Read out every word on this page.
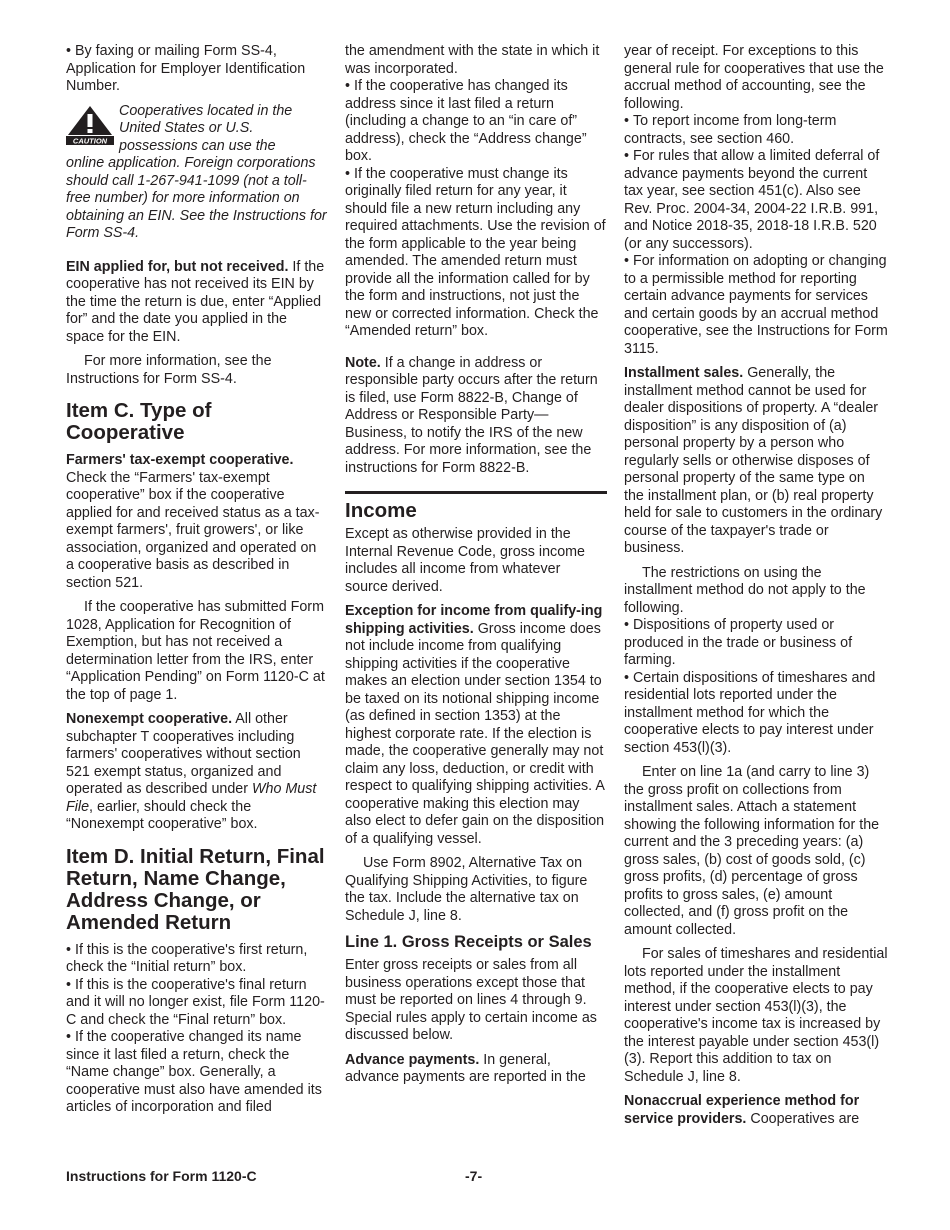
• By faxing or mailing Form SS-4, Application for Employer Identification Number.

CAUTION
Cooperatives located in the United States or U.S. possessions can use the
online application. Foreign corporations should call 1-267-941-1099 (not a toll-free number) for more information on obtaining an EIN. See the Instructions for Form SS-4.

EIN applied for, but not received. If the cooperative has not received its EIN by the time the return is due, enter “Applied for” and the date you applied in the space for the EIN.

For more information, see the Instructions for Form SS-4.

Item C. Type of Cooperative

Farmers' tax-exempt cooperative. Check the “Farmers' tax-exempt cooperative” box if the cooperative applied for and received status as a tax-exempt farmers', fruit growers', or like association, organized and operated on a cooperative basis as described in section 521.

If the cooperative has submitted Form 1028, Application for Recognition of Exemption, but has not received a determination letter from the IRS, enter “Application Pending” on Form 1120-C at the top of page 1.

Nonexempt cooperative. All other subchapter T cooperatives including farmers' cooperatives without section 521 exempt status, organized and operated as described under Who Must File, earlier, should check the “Nonexempt cooperative” box.

Item D. Initial Return, Final Return, Name Change, Address Change, or Amended Return

• If this is the cooperative's first return, check the “Initial return” box.

• If this is the cooperative's final return and it will no longer exist, file Form 1120-C and check the “Final return” box.

• If the cooperative changed its name since it last filed a return, check the “Name change” box. Generally, a cooperative must also have amended its articles of incorporation and filed

the amendment with the state in which it was incorporated.

• If the cooperative has changed its address since it last filed a return (including a change to an “in care of” address), check the “Address change” box.

• If the cooperative must change its originally filed return for any year, it should file a new return including any required attachments. Use the revision of the form applicable to the year being amended. The amended return must provide all the information called for by the form and instructions, not just the new or corrected information. Check the “Amended return” box.

Note. If a change in address or responsible party occurs after the return is filed, use Form 8822-B, Change of Address or Responsible Party—Business, to notify the IRS of the new address. For more information, see the instructions for Form 8822-B.

Income

Except as otherwise provided in the Internal Revenue Code, gross income includes all income from whatever source derived.

Exception for income from qualify-ing shipping activities. Gross income does not include income from qualifying shipping activities if the cooperative makes an election under section 1354 to be taxed on its notional shipping income (as defined in section 1353) at the highest corporate rate. If the election is made, the cooperative generally may not claim any loss, deduction, or credit with respect to qualifying shipping activities. A cooperative making this election may also elect to defer gain on the disposition of a qualifying vessel.

Use Form 8902, Alternative Tax on Qualifying Shipping Activities, to figure the tax. Include the alternative tax on Schedule J, line 8.

Line 1. Gross Receipts or Sales

Enter gross receipts or sales from all business operations except those that must be reported on lines 4 through 9. Special rules apply to certain income as discussed below.

Advance payments. In general, advance payments are reported in the

year of receipt. For exceptions to this general rule for cooperatives that use the accrual method of accounting, see the following.

• To report income from long-term contracts, see section 460.

• For rules that allow a limited deferral of advance payments beyond the current tax year, see section 451(c). Also see Rev. Proc. 2004-34, 2004-22 I.R.B. 991, and Notice 2018-35, 2018-18 I.R.B. 520 (or any successors).

• For information on adopting or changing to a permissible method for reporting certain advance payments for services and certain goods by an accrual method cooperative, see the Instructions for Form 3115.

Installment sales. Generally, the installment method cannot be used for dealer dispositions of property. A “dealer disposition” is any disposition of (a) personal property by a person who regularly sells or otherwise disposes of personal property of the same type on the installment plan, or (b) real property held for sale to customers in the ordinary course of the taxpayer's trade or business.

The restrictions on using the installment method do not apply to the following.

• Dispositions of property used or produced in the trade or business of farming.

• Certain dispositions of timeshares and residential lots reported under the installment method for which the cooperative elects to pay interest under section 453(l)(3).

Enter on line 1a (and carry to line 3) the gross profit on collections from installment sales. Attach a statement showing the following information for the current and the 3 preceding years: (a) gross sales, (b) cost of goods sold, (c) gross profits, (d) percentage of gross profits to gross sales, (e) amount collected, and (f) gross profit on the amount collected.

For sales of timeshares and residential lots reported under the installment method, if the cooperative elects to pay interest under section 453(l)(3), the cooperative's income tax is increased by the interest payable under section 453(l)(3). Report this addition to tax on Schedule J, line 8.

Nonaccrual experience method for service providers. Cooperatives are

Instructions for Form 1120-C	-7-
